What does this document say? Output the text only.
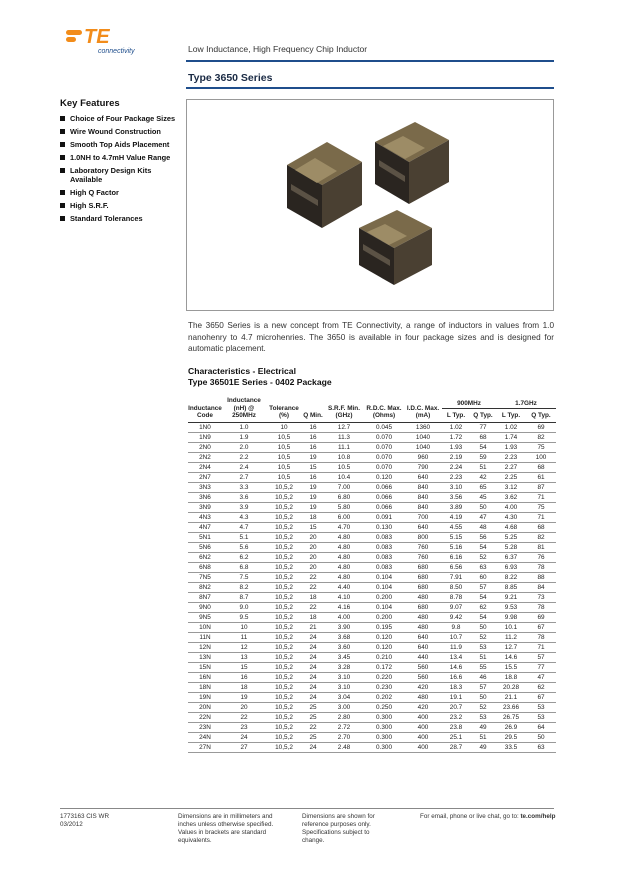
TE
connectivity	Low Inductance, High Frequency Chip Inductor
Type 3650 Series
Key Features
Choice of Four Package Sizes
Wire Wound Construction
Smooth Top Aids Placement
1.0NH to 4.7mH Value Range
Laboratory Design Kits Available
High Q Factor
High S.R.F.
Standard Tolerances
The 3650 Series is a new concept from TE Connectivity, a range of inductors in values from 1.0 nanohenry to 4.7 microhenries. The 3650 is available in four package sizes and is designed for automatic placement.
Characteristics - Electrical
Type 36501E Series - 0402 Package
Inductance Code	Inductance (nH) @ 250MHz	Tolerance (%)	Q Min.	S.R.F. Min. (GHz)	R.D.C. Max. (Ohms)	I.D.C. Max. (mA)	900MHz		1.7GHz	
							L Typ.	Q Typ.	L Typ.	Q Typ.
1N0	1.0	10	16	12.7	0.045	1360	1.02	77	1.02	69
1N9	1.9	10,5	16	11.3	0.070	1040	1.72	68	1.74	82
2N0	2.0	10,5	16	11.1	0.070	1040	1.93	54	1.93	75
2N2	2.2	10,5	19	10.8	0.070	960	2.19	59	2.23	100
2N4	2.4	10,5	15	10.5	0.070	790	2.24	51	2.27	68
2N7	2.7	10,5	16	10.4	0.120	640	2.23	42	2.25	61
3N3	3.3	10,5,2	19	7.00	0.066	840	3.10	65	3.12	87
3N6	3.6	10,5,2	19	6.80	0.066	840	3.56	45	3.62	71
3N9	3.9	10,5,2	19	5.80	0.066	840	3.89	50	4.00	75
4N3	4.3	10,5,2	18	6.00	0.091	700	4.19	47	4.30	71
4N7	4.7	10,5,2	15	4.70	0.130	640	4.55	48	4.68	68
5N1	5.1	10,5,2	20	4.80	0.083	800	5.15	56	5.25	82
5N6	5.6	10,5,2	20	4.80	0.083	760	5.16	54	5.28	81
6N2	6.2	10,5,2	20	4.80	0.083	760	6.16	52	6.37	76
6N8	6.8	10,5,2	20	4.80	0.083	680	6.56	63	6.93	78
7N5	7.5	10,5,2	22	4.80	0.104	680	7.91	60	8.22	88
8N2	8.2	10,5,2	22	4.40	0.104	680	8.50	57	8.85	84
8N7	8.7	10,5,2	18	4.10	0.200	480	8.78	54	9.21	73
9N0	9.0	10,5,2	22	4.16	0.104	680	9.07	62	9.53	78
9N5	9.5	10,5,2	18	4.00	0.200	480	9.42	54	9.98	69
10N	10	10,5,2	21	3.90	0.195	480	9.8	50	10.1	67
11N	11	10,5,2	24	3.68	0.120	640	10.7	52	11.2	78
12N	12	10,5,2	24	3.60	0.120	640	11.9	53	12.7	71
13N	13	10,5,2	24	3.45	0.210	440	13.4	51	14.6	57
15N	15	10,5,2	24	3.28	0.172	560	14.6	55	15.5	77
16N	16	10,5,2	24	3.10	0.220	560	16.6	46	18.8	47
18N	18	10,5,2	24	3.10	0.230	420	18.3	57	20.28	62
19N	19	10,5,2	24	3.04	0.202	480	19.1	50	21.1	67
20N	20	10,5,2	25	3.00	0.250	420	20.7	52	23.66	53
22N	22	10,5,2	25	2.80	0.300	400	23.2	53	26.75	53
23N	23	10,5,2	22	2.72	0.300	400	23.8	49	26.9	64
24N	24	10,5,2	25	2.70	0.300	400	25.1	51	29.5	50
27N	27	10,5,2	24	2.48	0.300	400	28.7	49	33.5	63
1773163 CIS WR 03/2012
Dimensions are in millimeters and inches unless otherwise specified. Values in brackets are standard equivalents.
Dimensions are shown for reference purposes only. Specifications subject to change.
For email, phone or live chat, go to: te.com/help
